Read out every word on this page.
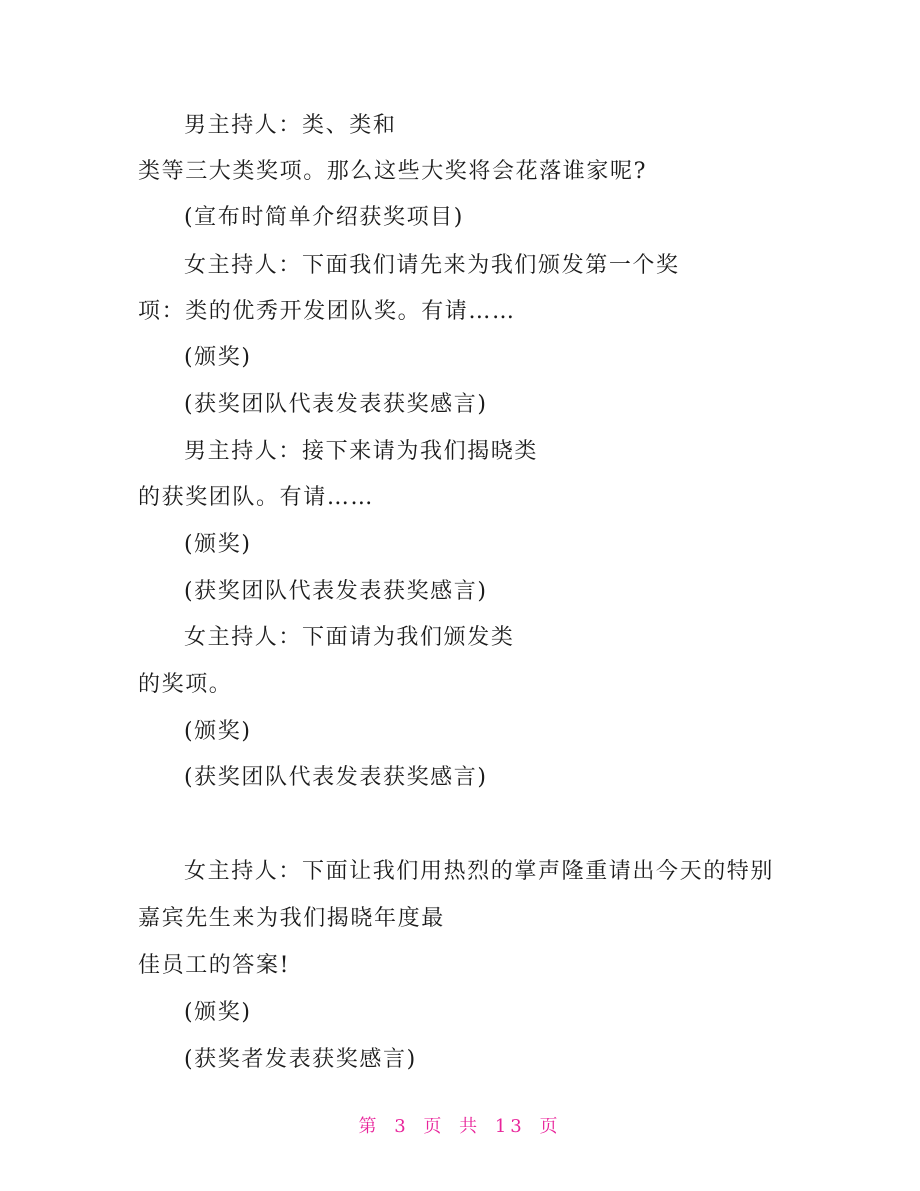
男主持人：类、类和
类等三大类奖项。那么这些大奖将会花落谁家呢?
(宣布时简单介绍获奖项目)
女主持人：下面我们请先来为我们颁发第一个奖
项：类的优秀开发团队奖。有请……
(颁奖)
(获奖团队代表发表获奖感言)
男主持人：接下来请为我们揭晓类
的获奖团队。有请……
(颁奖)
(获奖团队代表发表获奖感言)
女主持人：下面请为我们颁发类
的奖项。
(颁奖)
(获奖团队代表发表获奖感言)
女主持人：下面让我们用热烈的掌声隆重请出今天的特别
嘉宾先生来为我们揭晓年度最
佳员工的答案!
(颁奖)
(获奖者发表获奖感言)
第 3 页 共 13 页
